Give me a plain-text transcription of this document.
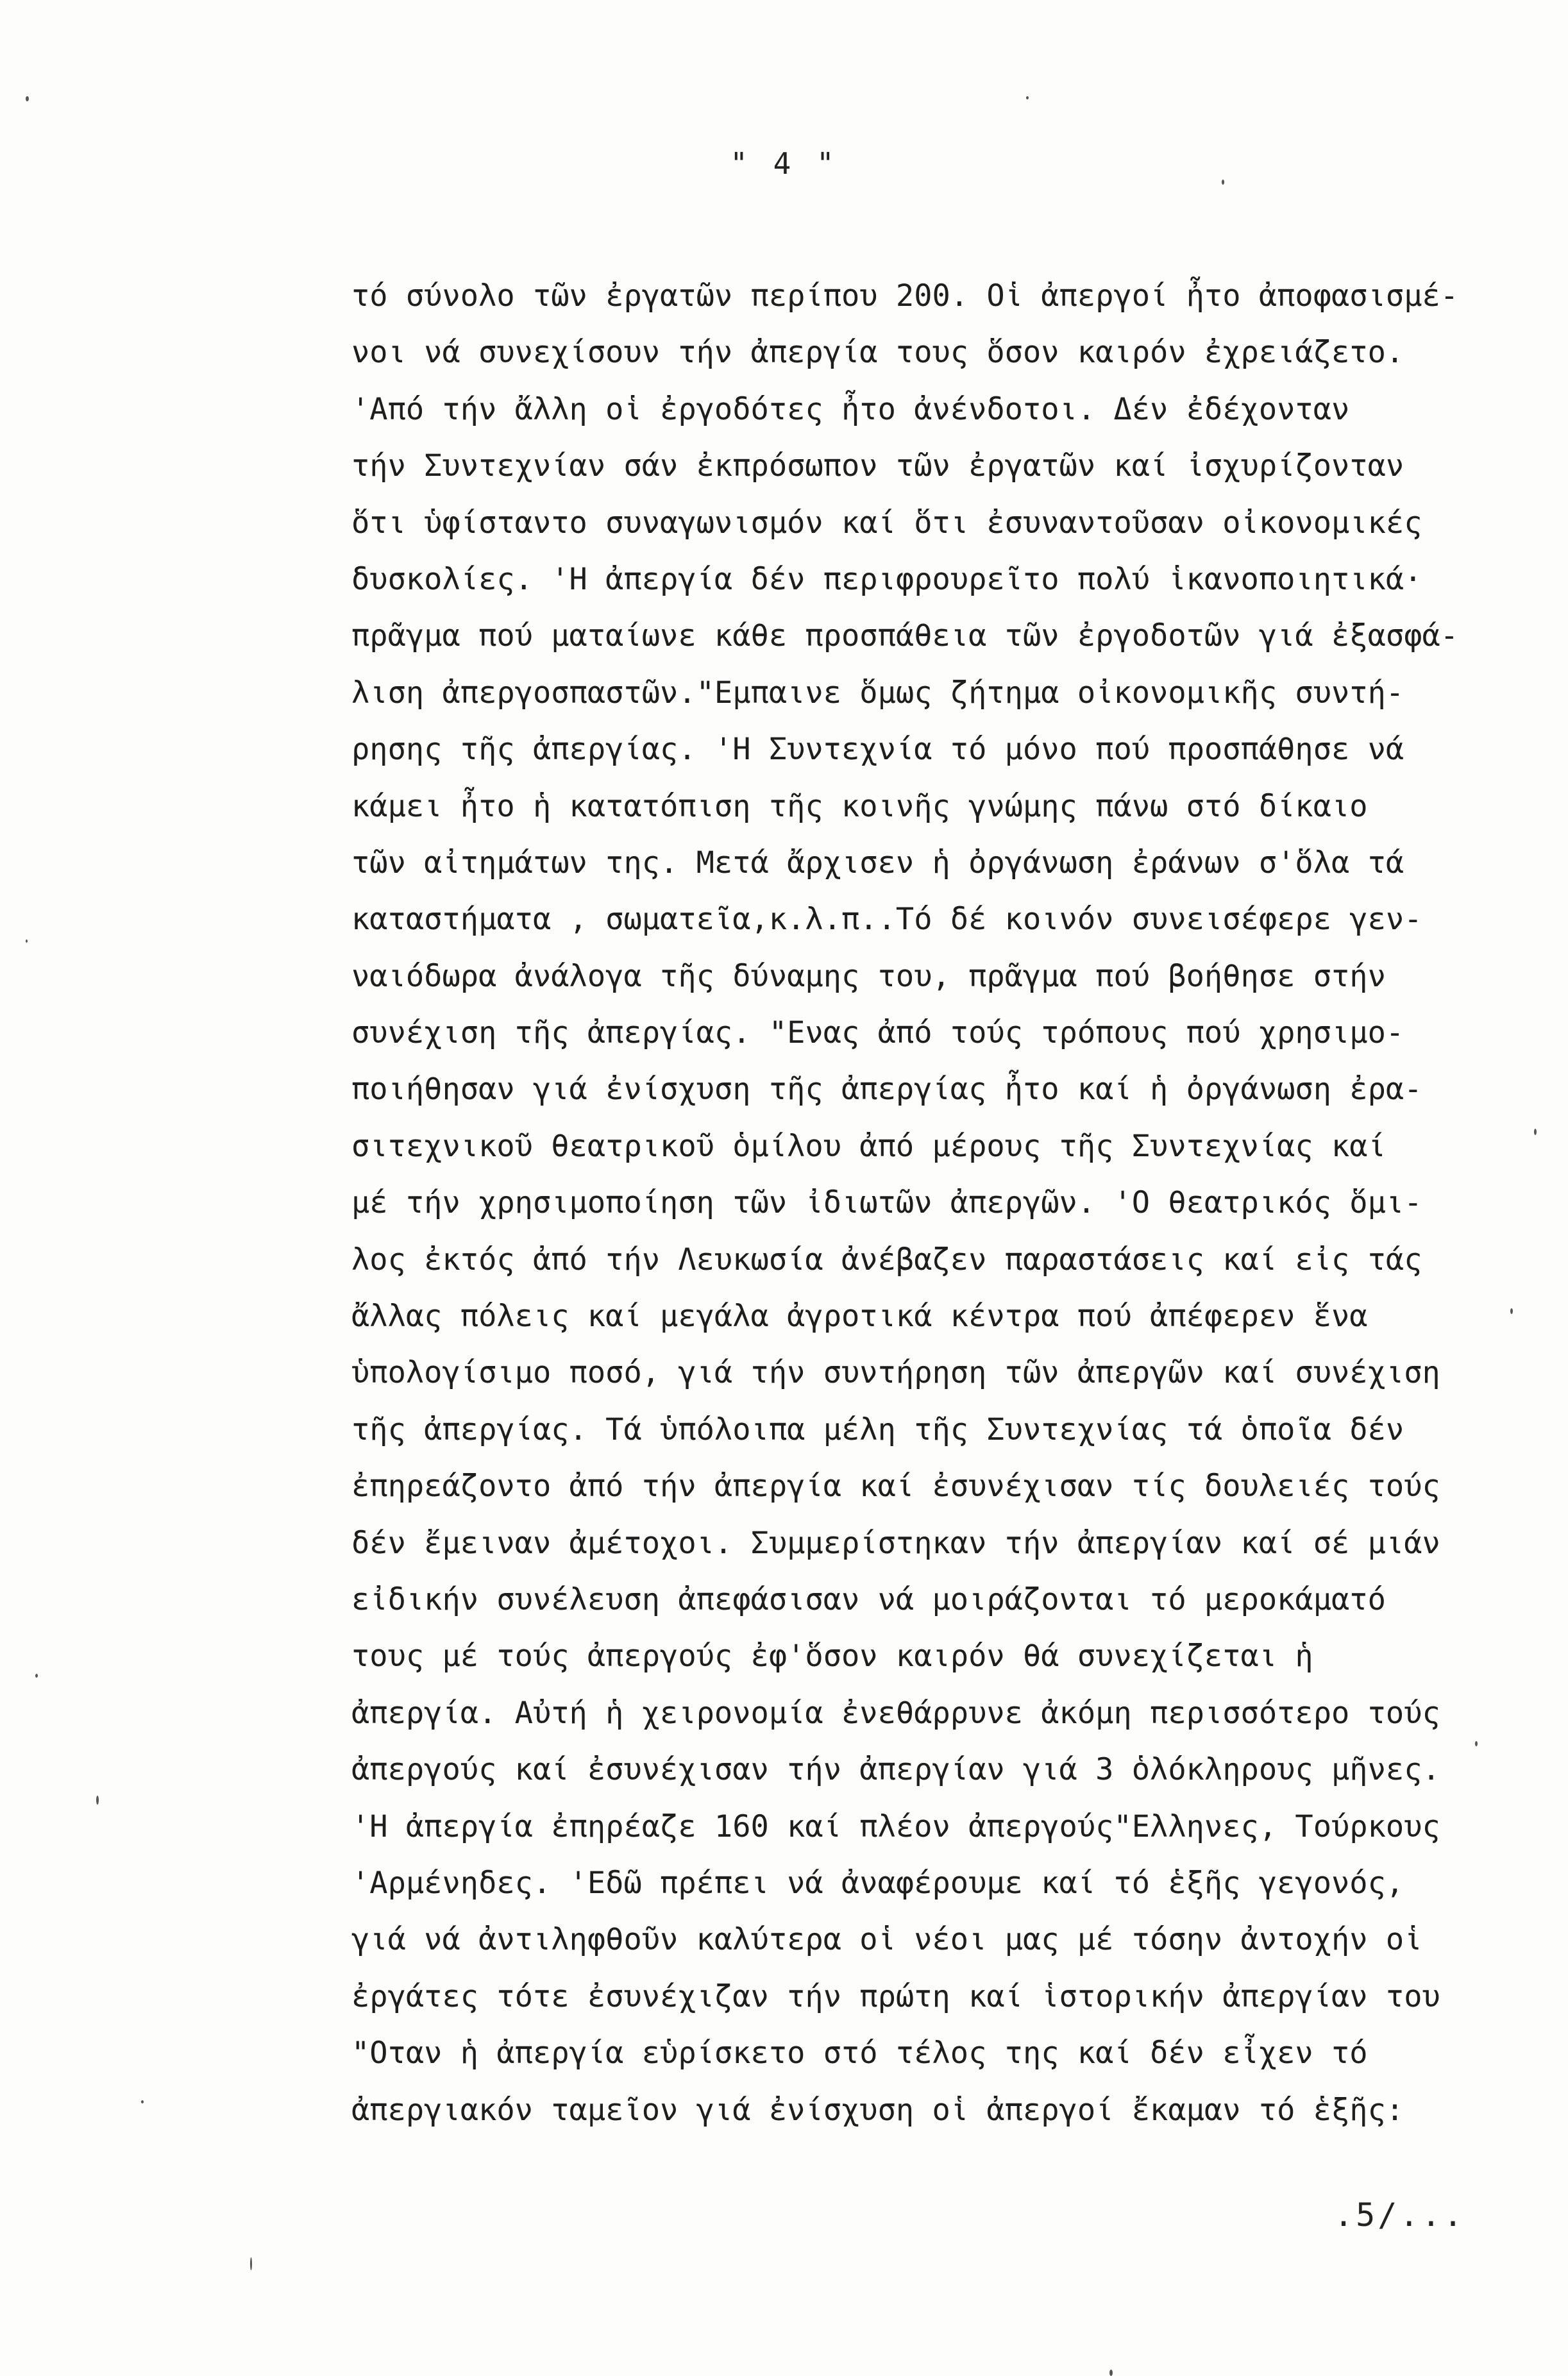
" 4 "
τό σύνολο τῶν ἐργατῶν περίπου 200. Οἱ ἀπεργοί ἦτο ἀποφασισμέ-
νοι νά συνεχίσουν τήν ἀπεργία τους ὅσον καιρόν ἐχρειάζετο.
'Από τήν ἄλλη οἱ ἐργοδότες ἦτο ἀνένδοτοι. Δέν ἐδέχονταν
τήν Συντεχνίαν σάν ἐκπρόσωπον τῶν ἐργατῶν καί ἰσχυρίζονταν
ὅτι ὑφίσταντο συναγωνισμόν καί ὅτι ἐσυναντοῦσαν οἰκονομικές
δυσκολίες. 'Η ἀπεργία δέν περιφρουρεῖτο πολύ ἱκανοποιητικά·
πρᾶγμα πού ματαίωνε κάθε προσπάθεια τῶν ἐργοδοτῶν γιά ἐξασφά-
λιση ἀπεργοσπαστῶν."Εμπαινε ὅμως ζήτημα οἰκονομικῆς συντή-
ρησης τῆς ἀπεργίας. 'Η Συντεχνία τό μόνο πού προσπάθησε νά
κάμει ἦτο ἡ κατατόπιση τῆς κοινῆς γνώμης πάνω στό δίκαιο
τῶν αἰτημάτων της. Μετά ἄρχισεν ἡ ὀργάνωση ἐράνων σ'ὅλα τά
καταστήματα , σωματεῖα,κ.λ.π..Τό δέ κοινόν συνεισέφερε γεν-
ναιόδωρα ἀνάλογα τῆς δύναμης του, πρᾶγμα πού βοήθησε στήν
συνέχιση τῆς ἀπεργίας. "Ενας ἀπό τούς τρόπους πού χρησιμο-
ποιήθησαν γιά ἐνίσχυση τῆς ἀπεργίας ἦτο καί ἡ ὀργάνωση ἐρα-
σιτεχνικοῦ θεατρικοῦ ὁμίλου ἀπό μέρους τῆς Συντεχνίας καί
μέ τήν χρησιμοποίηση τῶν ἰδιωτῶν ἀπεργῶν. 'Ο θεατρικός ὅμι-
λος ἐκτός ἀπό τήν Λευκωσία ἀνέβαζεν παραστάσεις καί εἰς τάς
ἄλλας πόλεις καί μεγάλα ἀγροτικά κέντρα πού ἀπέφερεν ἕνα
ὑπολογίσιμο ποσό, γιά τήν συντήρηση τῶν ἀπεργῶν καί συνέχιση
τῆς ἀπεργίας. Τά ὑπόλοιπα μέλη τῆς Συντεχνίας τά ὁποῖα δέν
ἐπηρεάζοντο ἀπό τήν ἀπεργία καί ἐσυνέχισαν τίς δουλειές τούς
δέν ἔμειναν ἀμέτοχοι. Συμμερίστηκαν τήν ἀπεργίαν καί σέ μιάν
εἰδικήν συνέλευση ἀπεφάσισαν νά μοιράζονται τό μεροκάματό
τους μέ τούς ἀπεργούς ἐφ'ὅσον καιρόν θά συνεχίζεται ἡ
ἀπεργία. Αὐτή ἡ χειρονομία ἐνεθάρρυνε ἀκόμη περισσότερο τούς
ἀπεργούς καί ἐσυνέχισαν τήν ἀπεργίαν γιά 3 ὁλόκληρους μῆνες.
'Η ἀπεργία ἐπηρέαζε 160 καί πλέον ἀπεργούς"Ελληνες, Τούρκους
'Αρμένηδες. 'Εδῶ πρέπει νά ἀναφέρουμε καί τό ἑξῆς γεγονός,
γιά νά ἀντιληφθοῦν καλύτερα οἱ νέοι μας μέ τόσην ἀντοχήν οἱ
ἐργάτες τότε ἐσυνέχιζαν τήν πρώτη καί ἱστορικήν ἀπεργίαν του
"Οταν ἡ ἀπεργία εὑρίσκετο στό τέλος της καί δέν εἶχεν τό
ἀπεργιακόν ταμεῖον γιά ἐνίσχυση οἱ ἀπεργοί ἔκαμαν τό ἑξῆς:
.5/...
